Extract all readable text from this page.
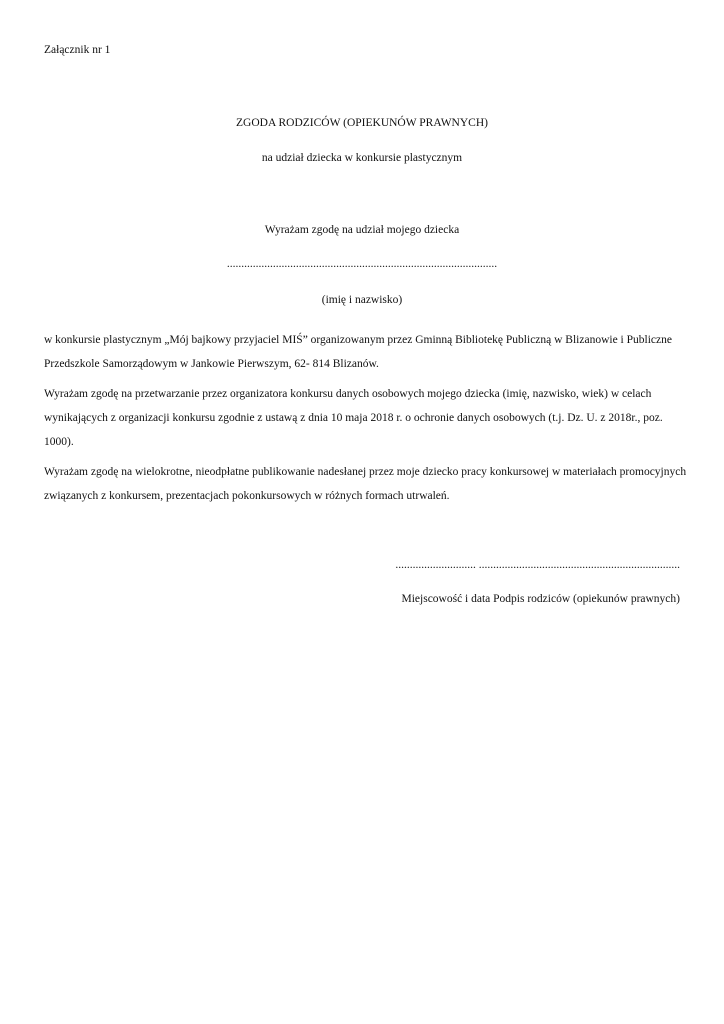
Załącznik nr 1
ZGODA RODZICÓW (OPIEKUNÓW PRAWNYCH)
na udział dziecka w konkursie plastycznym
Wyrażam zgodę na udział mojego dziecka
..............................................................................................
(imię i nazwisko)
w konkursie plastycznym „Mój bajkowy przyjaciel MIŚ” organizowanym przez Gminną Bibliotekę Publiczną w Blizanowie i Publiczne Przedszkole Samorządowym w Jankowie Pierwszym, 62- 814 Blizanów.
Wyrażam zgodę na przetwarzanie przez organizatora konkursu danych osobowych mojego dziecka (imię, nazwisko, wiek) w celach wynikających z organizacji konkursu zgodnie z ustawą z dnia 10 maja 2018 r. o ochronie danych osobowych (t.j. Dz. U. z 2018r., poz. 1000).
Wyrażam zgodę na wielokrotne, nieodpłatne publikowanie nadesłanej przez moje dziecko pracy konkursowej w materiałach promocyjnych związanych z konkursem, prezentacjach pokonkursowych w różnych formach utrwaleń.
............................ ......................................................................
Miejscowość i data Podpis rodziców (opiekunów prawnych)
